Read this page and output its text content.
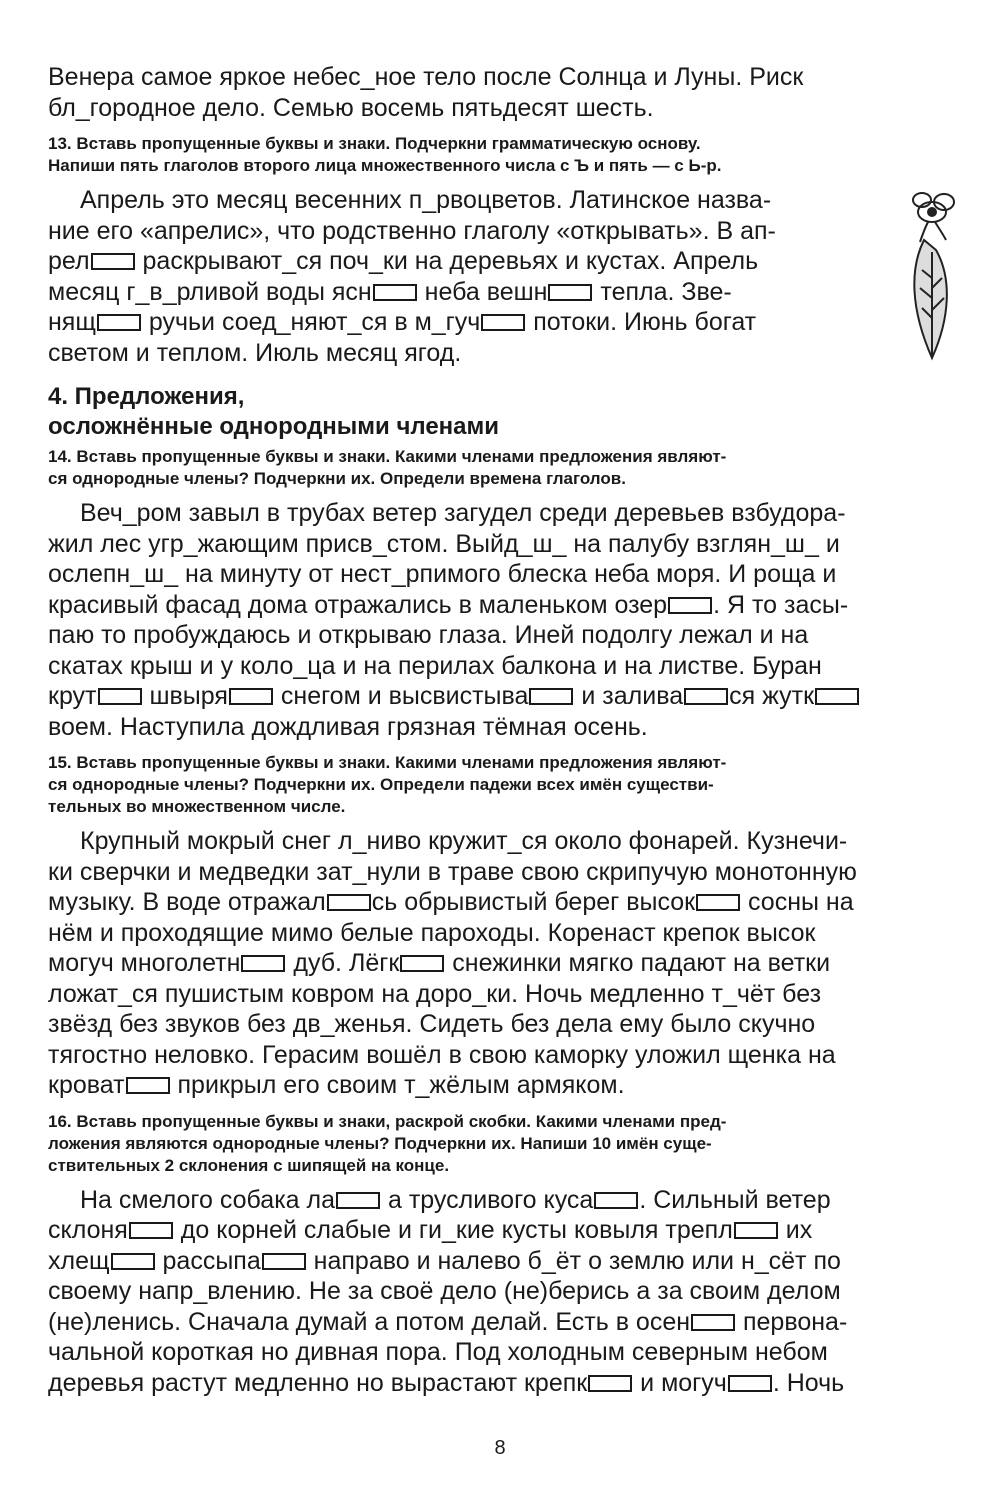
Венера самое яркое небес_ное тело после Солнца и Луны. Риск

бл_городное дело. Семью восемь пятьдесят шесть.

13. Вставь пропущенные буквы и знаки. Подчеркни грамматическую основу.

Напиши пять глаголов второго лица множественного числа с Ъ и пять — с Ь-р.

Апрель это месяц весенних п_рвоцветов. Латинское назва-

ние его «апрелис», что родственно глаголу «открывать». В ап-

рел раскрывают_ся поч_ки на деревьях и кустах. Апрель

месяц г_в_рливой воды ясн неба вешн тепла. Зве-

нящ ручьи соед_няют_ся в м_гуч потоки. Июнь богат

светом и теплом. Июль месяц ягод.

4. Предложения,

осложнённые однородными членами

14. Вставь пропущенные буквы и знаки. Какими членами предложения являют-

ся однородные члены? Подчеркни их. Определи времена глаголов.

Веч_ром завыл в трубах ветер загудел среди деревьев взбудора-

жил лес угр_жающим присв_стом. Выйд_ш_ на палубу взглян_ш_ и

ослепн_ш_ на минуту от нест_рпимого блеска неба моря. И роща и

красивый фасад дома отражались в маленьком озер . Я то засы-

паю то пробуждаюсь и открываю глаза. Иней подолгу лежал и на

скатах крыш и у коло_ца и на перилах балкона и на листве. Буран

крут швыря снегом и высвистыва и залива ся жутк

воем. Наступила дождливая грязная тёмная осень.

15. Вставь пропущенные буквы и знаки. Какими членами предложения являют-

ся однородные члены? Подчеркни их. Определи падежи всех имён существи-

тельных во множественном числе.

Крупный мокрый снег л_ниво кружит_ся около фонарей. Кузнечи-

ки сверчки и медведки зат_нули в траве свою скрипучую монотонную

музыку. В воде отражал сь обрывистый берег высок сосны на

нём и проходящие мимо белые пароходы. Коренаст крепок высок

могуч многолетн дуб. Лёгк снежинки мягко падают на ветки

ложат_ся пушистым ковром на доро_ки. Ночь медленно т_чёт без

звёзд без звуков без дв_женья. Сидеть без дела ему было скучно

тягостно неловко. Герасим вошёл в свою каморку уложил щенка на

кроват прикрыл его своим т_жёлым армяком.

16. Вставь пропущенные буквы и знаки, раскрой скобки. Какими членами пред-

ложения являются однородные члены? Подчеркни их. Напиши 10 имён суще-

ствительных 2 склонения с шипящей на конце.

На смелого собака ла а трусливого куса . Сильный ветер

склоня до корней слабые и ги_кие кусты ковыля трепл их

хлещ рассыпа направо и налево б_ёт о землю или н_сёт по

своему напр_влению. Не за своё дело (не)берись а за своим делом

(не)ленись. Сначала думай а потом делай. Есть в осен первона-

чальной короткая но дивная пора. Под холодным северным небом

деревья растут медленно но вырастают крепк и могуч . Ночь

8
